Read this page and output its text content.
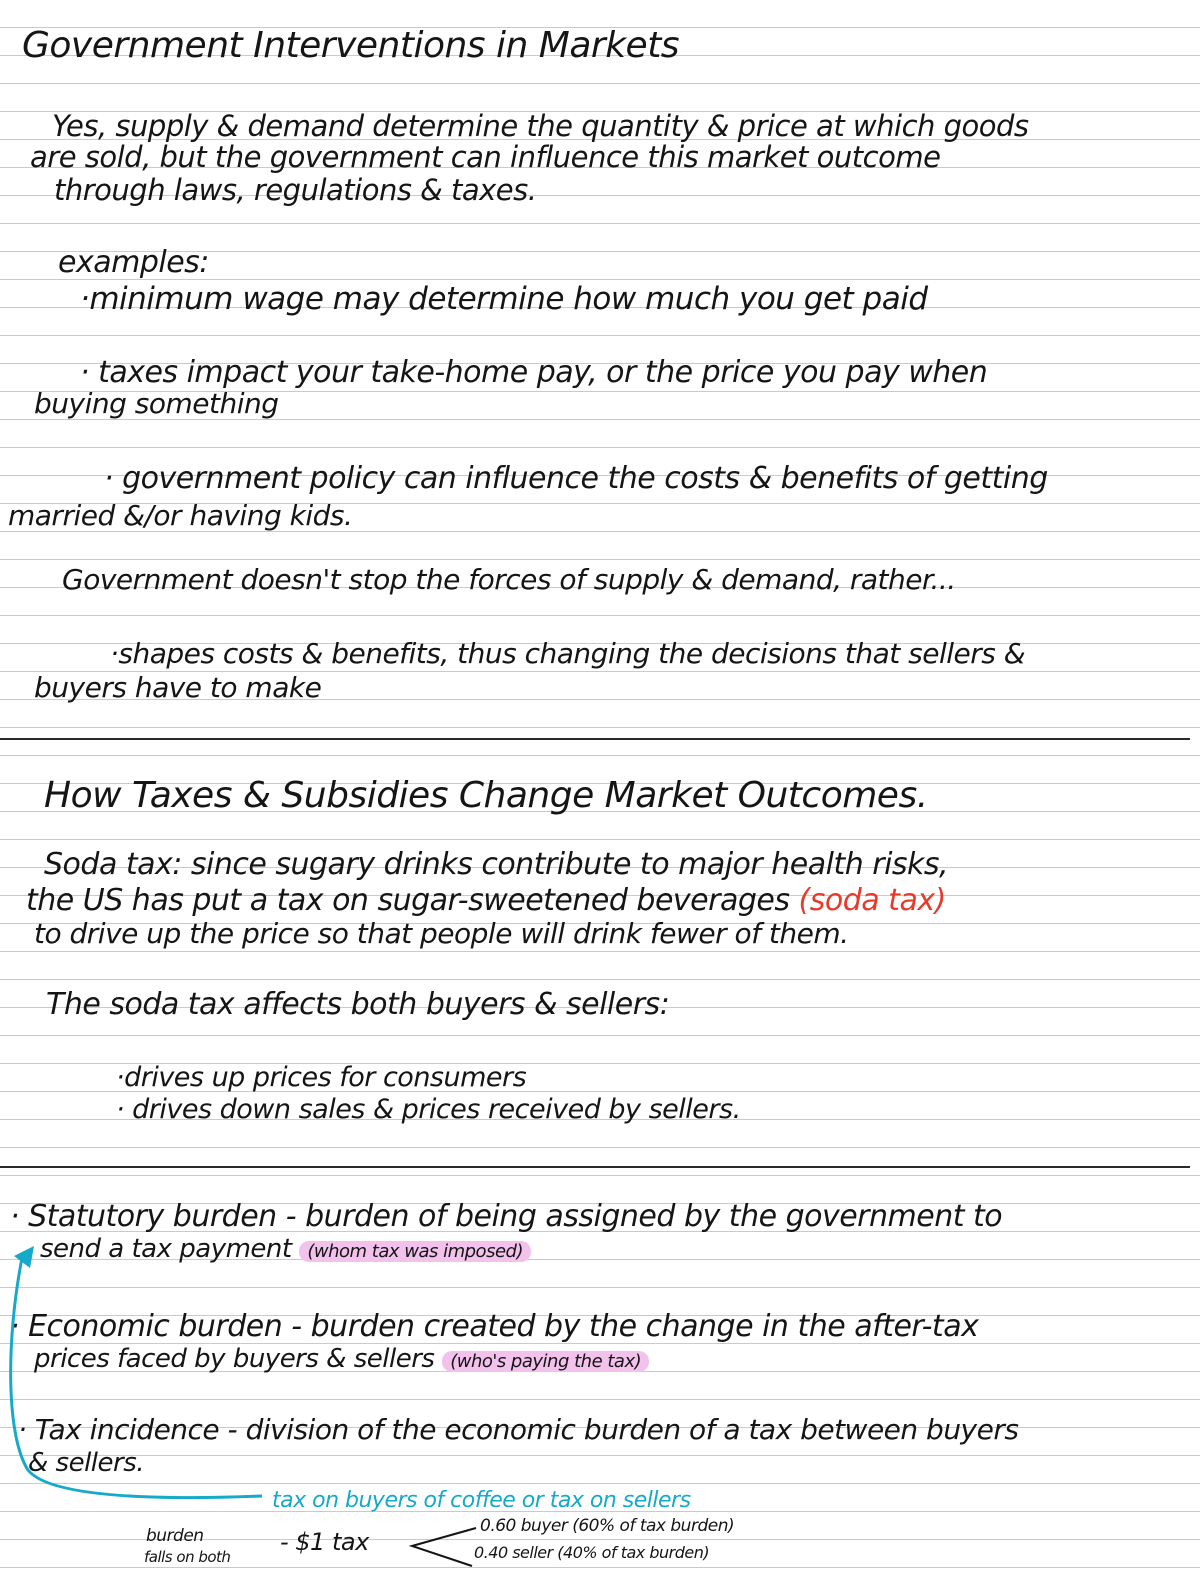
Government Interventions in Markets

Yes, supply & demand determine the quantity & price at which goods

are sold, but the government can influence this market outcome

through laws, regulations & taxes.

examples:

·minimum wage may determine how much you get paid

· taxes impact your take-home pay, or the price you pay when

buying something

· government policy can influence the costs & benefits of getting

married &/or having kids.

Government doesn't stop the forces of supply & demand, rather...

·shapes costs & benefits, thus changing the decisions that sellers &

buyers have to make

How Taxes & Subsidies Change Market Outcomes.

Soda tax: since sugary drinks contribute to major health risks,

the US has put a tax on sugar-sweetened beverages (soda tax)

to drive up the price so that people will drink fewer of them.

The soda tax affects both buyers & sellers:

·drives up prices for consumers

· drives down sales & prices received by sellers.

· Statutory burden - burden of being assigned by the government to

send a tax payment (whom tax was imposed)

· Economic burden - burden created by the change in the after-tax

prices faced by buyers & sellers (who's paying the tax)

· Tax incidence - division of the economic burden of a tax between buyers

& sellers.

tax on buyers of coffee or tax on sellers

burden

falls on both

- $1 tax

0.60 buyer (60% of tax burden)

0.40 seller (40% of tax burden)
